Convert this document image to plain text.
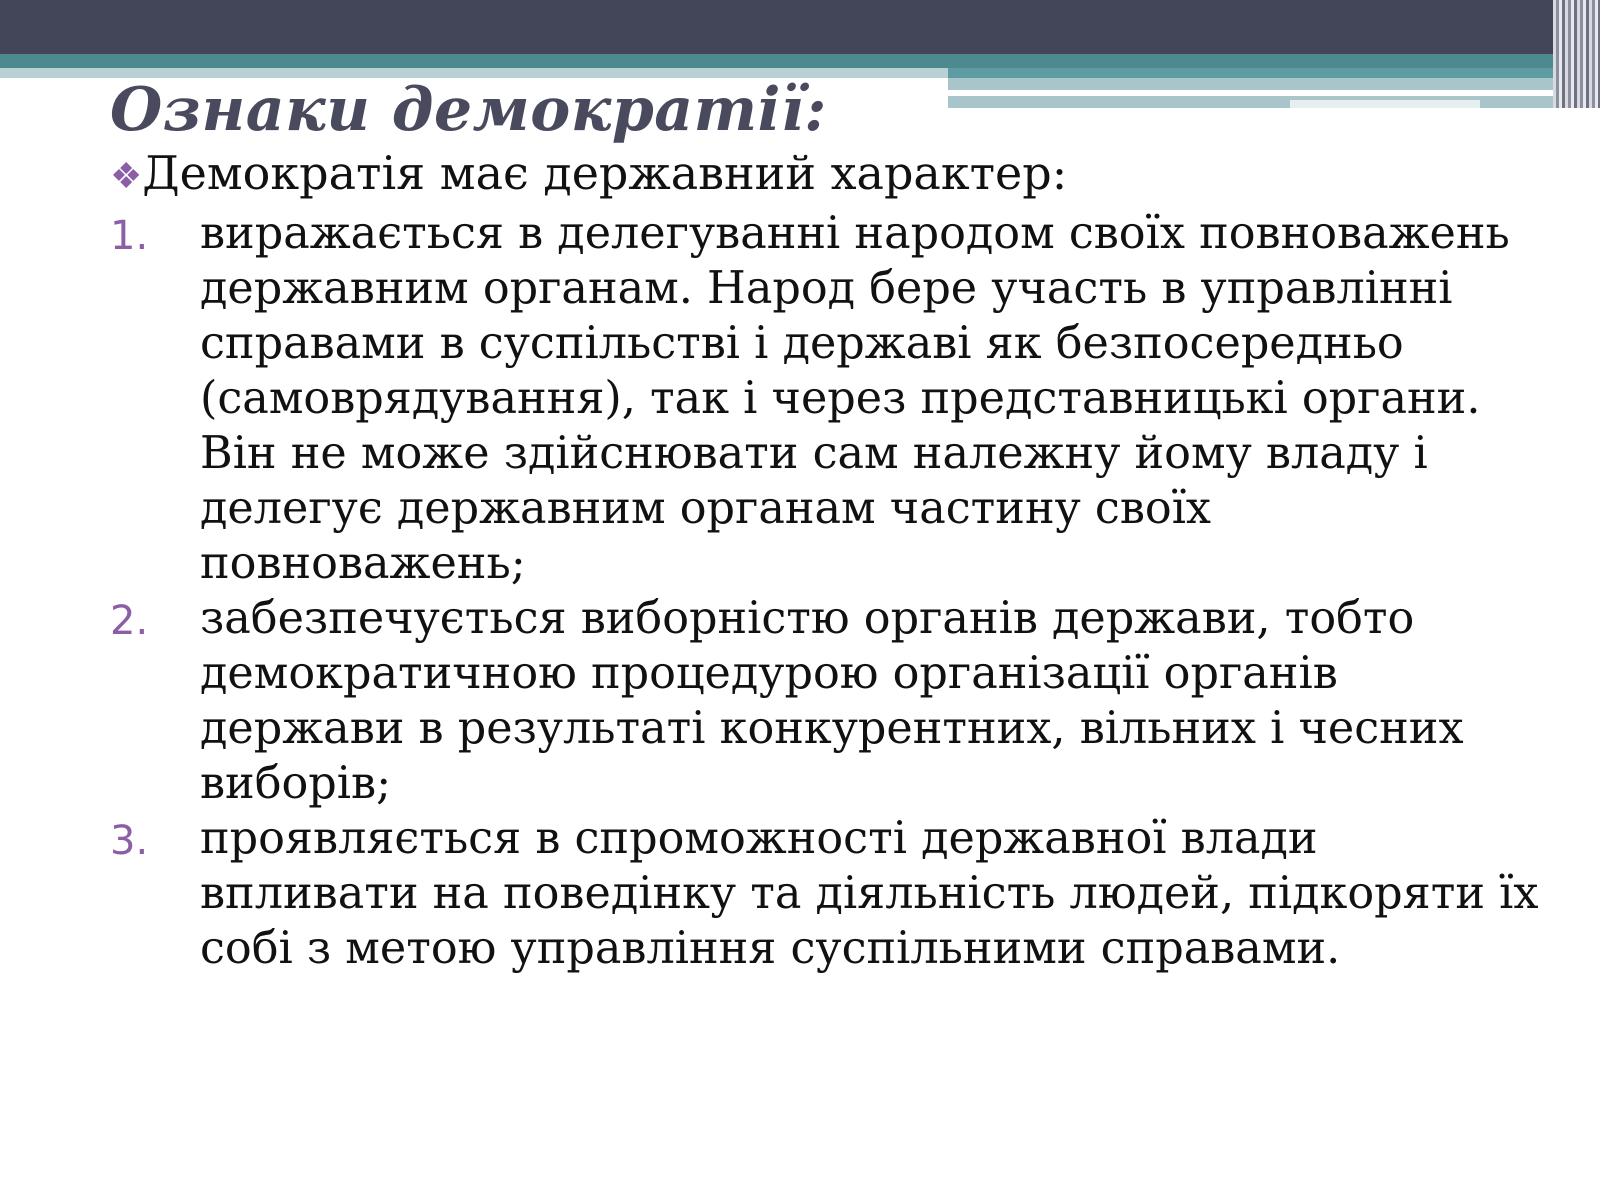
Ознаки демократії:

❖Демократія має державний характер:

1.	виражається в делегуванні народом своїх повноважень державним органам. Народ бере участь в управлінні справами в суспільстві і державі як безпосередньо (самоврядування), так і через представницькі органи. Він не може здійснювати сам належну йому владу і делегує державним органам частину своїх повноважень;
2.	забезпечується виборністю органів держави, тобто демократичною процедурою організації органів держави в результаті конкурентних, вільних і чесних виборів;
3.	проявляється в спроможності державної влади впливати на поведінку та діяльність людей, підкоряти їх собі з метою управління суспільними справами.
